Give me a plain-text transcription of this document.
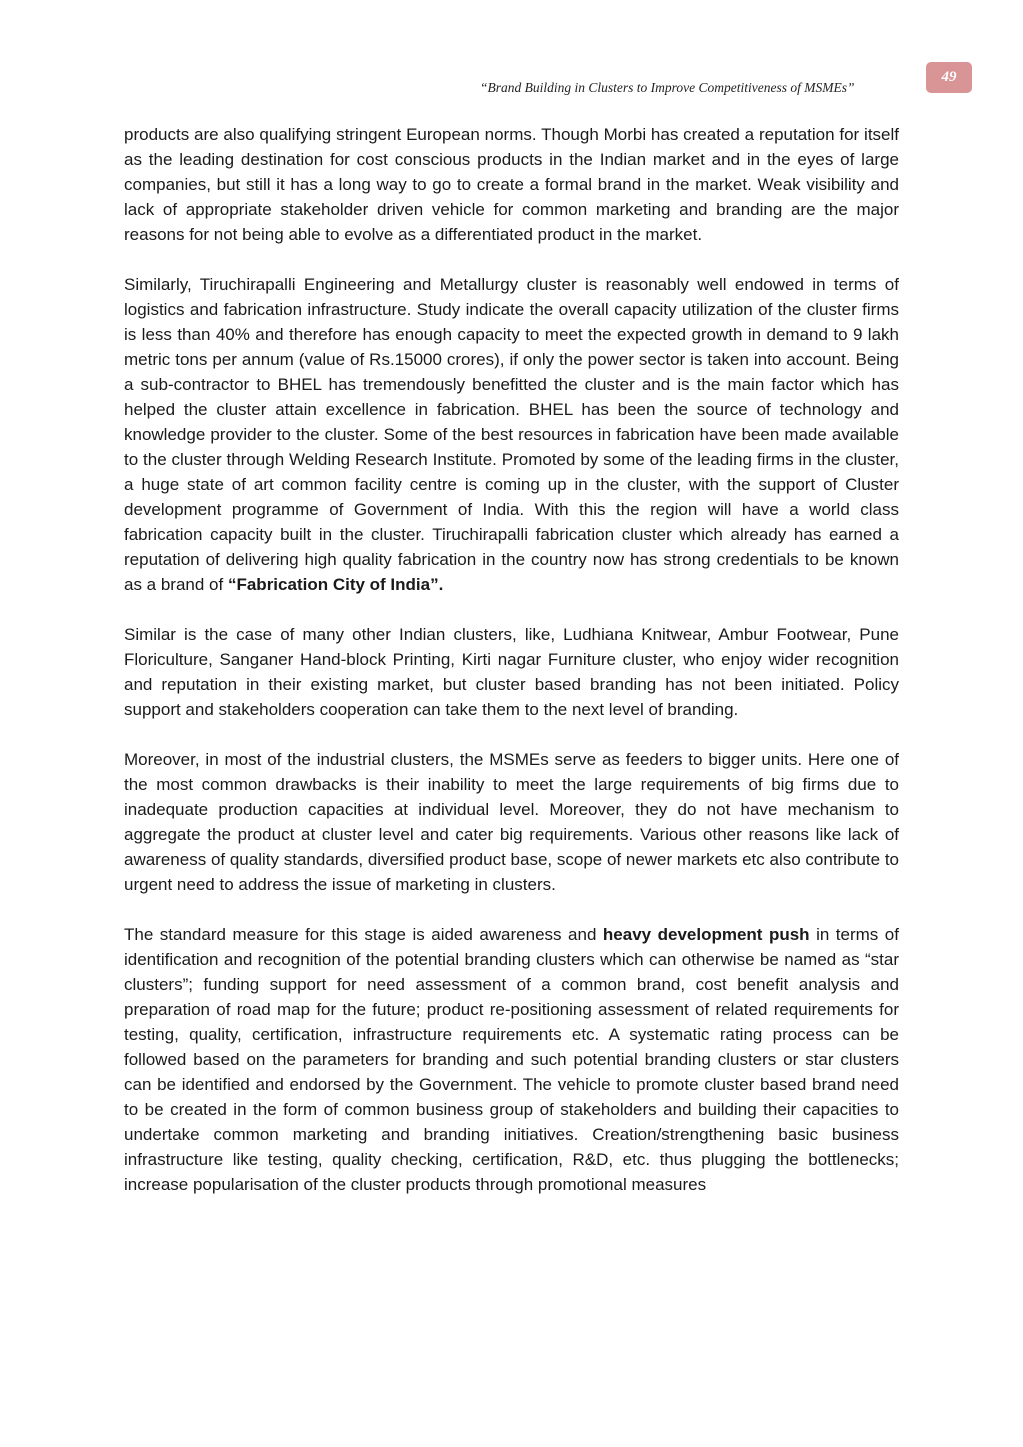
“Brand Building in Clusters to Improve Competitiveness of MSMEs”
49

products are also qualifying stringent European norms. Though Morbi has created a reputation for itself as the leading destination for cost conscious products in the Indian market and in the eyes of large companies, but still it has a long way to go to create a formal brand in the market. Weak visibility and lack of appropriate stakeholder driven vehicle for common marketing and branding are the major reasons for not being able to evolve as a differentiated product in the market.

Similarly, Tiruchirapalli Engineering and Metallurgy cluster is reasonably well endowed in terms of logistics and fabrication infrastructure. Study indicate the overall capacity utilization of the cluster firms is less than 40% and therefore has enough capacity to meet the expected growth in demand to 9 lakh metric tons per annum (value of Rs.15000 crores), if only the power sector is taken into account. Being a sub-contractor to BHEL has tremendously benefitted the cluster and is the main factor which has helped the cluster attain excellence in fabrication. BHEL has been the source of technology and knowledge provider to the cluster. Some of the best resources in fabrication have been made available to the cluster through Welding Research Institute. Promoted by some of the leading firms in the cluster, a huge state of art common facility centre is coming up in the cluster, with the support of Cluster development programme of Government of India. With this the region will have a world class fabrication capacity built in the cluster. Tiruchirapalli fabrication cluster which already has earned a reputation of delivering high quality fabrication in the country now has strong credentials to be known as a brand of “Fabrication City of India”.

Similar is the case of many other Indian clusters, like, Ludhiana Knitwear, Ambur Footwear, Pune Floriculture, Sanganer Hand-block Printing, Kirti nagar Furniture cluster, who enjoy wider recognition and reputation in their existing market, but cluster based branding has not been initiated. Policy support and stakeholders cooperation can take them to the next level of branding.

Moreover, in most of the industrial clusters, the MSMEs serve as feeders to bigger units. Here one of the most common drawbacks is their inability to meet the large requirements of big firms due to inadequate production capacities at individual level. Moreover, they do not have mechanism to aggregate the product at cluster level and cater big requirements. Various other reasons like lack of awareness of quality standards, diversified product base, scope of newer markets etc also contribute to urgent need to address the issue of marketing in clusters.

The standard measure for this stage is aided awareness and heavy development push in terms of identification and recognition of the potential branding clusters which can otherwise be named as “star clusters”; funding support for need assessment of a common brand, cost benefit analysis and preparation of road map for the future; product re-positioning assessment of related requirements for testing, quality, certification, infrastructure requirements etc. A systematic rating process can be followed based on the parameters for branding and such potential branding clusters or star clusters can be identified and endorsed by the Government. The vehicle to promote cluster based brand need to be created in the form of common business group of stakeholders and building their capacities to undertake common marketing and branding initiatives. Creation/strengthening basic business infrastructure like testing, quality checking, certification, R&D, etc. thus plugging the bottlenecks; increase popularisation of the cluster products through promotional measures
